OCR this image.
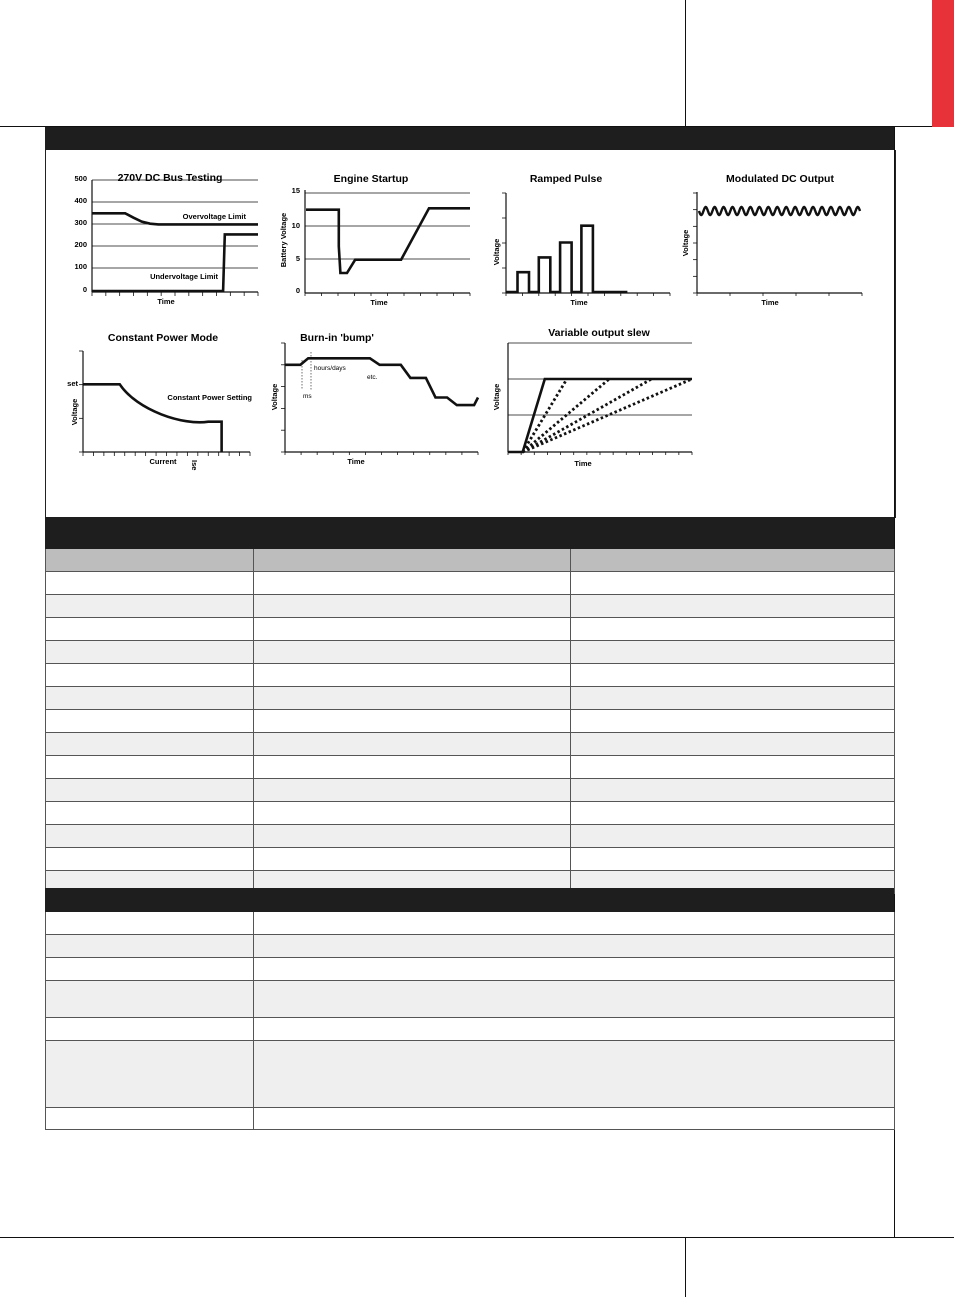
270V DC Bus Testing
500
400
300
200
100
0
Overvoltage Limit
Undervoltage Limit
Time
Engine Startup
15
10
5
0
Battery Voltage
Time
Ramped Pulse
Voltage
Time
Modulated DC Output
Voltage
Time
Constant Power Mode
set
Voltage
Constant Power Setting
Current Ise
Burn-in 'bump'
Voltage
hours/days
etc.
ms
Time
Variable output slew
Voltage
Time
